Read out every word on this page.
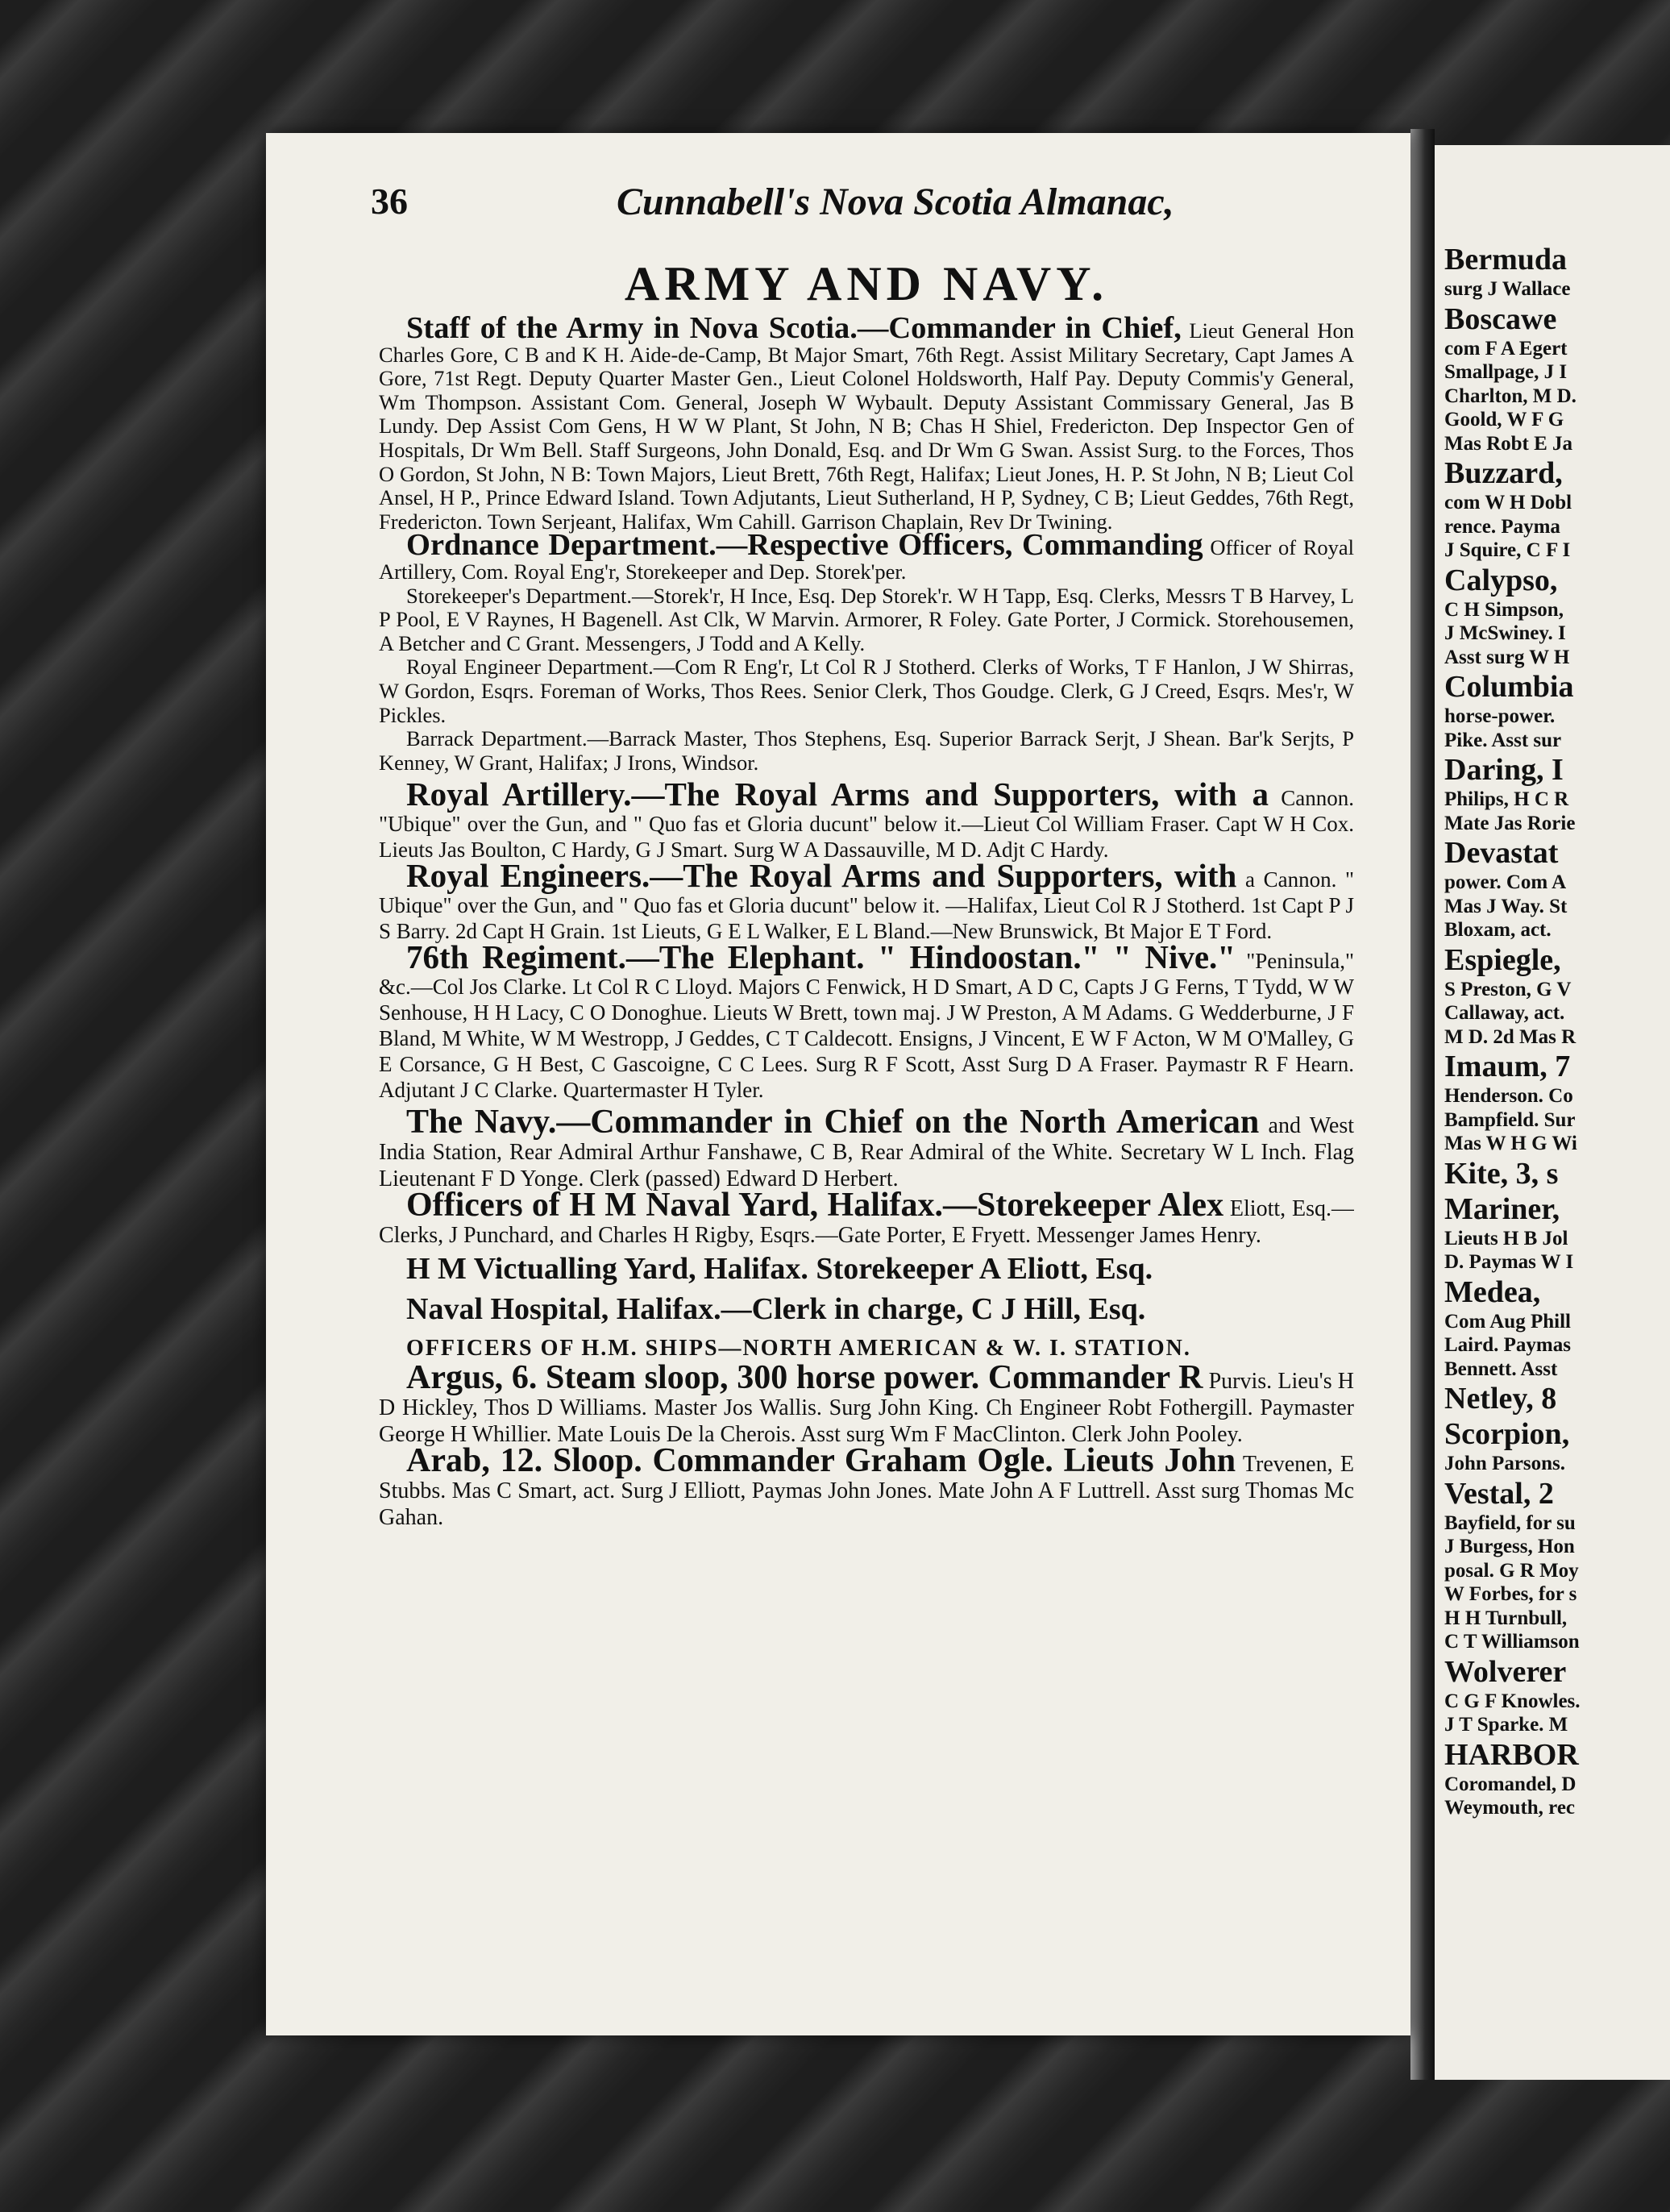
36	Cunnabell's Nova Scotia Almanac,
ARMY AND NAVY.

Staff of the Army in Nova Scotia.—Commander in Chief, Lieut General Hon Charles Gore, C B and K H. Aide-de-Camp, Bt Major Smart, 76th Regt. Assist Military Secretary, Capt James A Gore, 71st Regt. Deputy Quarter Master Gen., Lieut Colonel Holdsworth, Half Pay. Deputy Commis'y General, Wm Thompson. Assistant Com. General, Joseph W Wybault. Deputy Assistant Commissary General, Jas B Lundy. Dep Assist Com Gens, H W W Plant, St John, N B; Chas H Shiel, Fredericton. Dep Inspector Gen of Hospitals, Dr Wm Bell. Staff Surgeons, John Donald, Esq. and Dr Wm G Swan. Assist Surg. to the Forces, Thos O Gordon, St John, N B: Town Majors, Lieut Brett, 76th Regt, Halifax; Lieut Jones, H. P. St John, N B; Lieut Col Ansel, H P., Prince Edward Island. Town Adjutants, Lieut Sutherland, H P, Sydney, C B; Lieut Geddes, 76th Regt, Fredericton. Town Serjeant, Halifax, Wm Cahill. Garrison Chaplain, Rev Dr Twining.

Ordnance Department.—Respective Officers, Commanding Officer of Royal Artillery, Com. Royal Eng'r, Storekeeper and Dep. Storek'per.

Storekeeper's Department.—Storek'r, H Ince, Esq. Dep Storek'r. W H Tapp, Esq. Clerks, Messrs T B Harvey, L P Pool, E V Raynes, H Bagenell. Ast Clk, W Marvin. Armorer, R Foley. Gate Porter, J Cormick. Storehousemen, A Betcher and C Grant. Messengers, J Todd and A Kelly.

Royal Engineer Department.—Com R Eng'r, Lt Col R J Stotherd. Clerks of Works, T F Hanlon, J W Shirras, W Gordon, Esqrs. Foreman of Works, Thos Rees. Senior Clerk, Thos Goudge. Clerk, G J Creed, Esqrs. Mes'r, W Pickles.

Barrack Department.—Barrack Master, Thos Stephens, Esq. Superior Barrack Serjt, J Shean. Bar'k Serjts, P Kenney, W Grant, Halifax; J Irons, Windsor.

Royal Artillery.—The Royal Arms and Supporters, with a Cannon. "Ubique" over the Gun, and " Quo fas et Gloria ducunt" below it.—Lieut Col William Fraser. Capt W H Cox. Lieuts Jas Boulton, C Hardy, G J Smart. Surg W A Dassauville, M D. Adjt C Hardy.

Royal Engineers.—The Royal Arms and Supporters, with a Cannon. " Ubique" over the Gun, and " Quo fas et Gloria ducunt" below it. —Halifax, Lieut Col R J Stotherd. 1st Capt P J S Barry. 2d Capt H Grain. 1st Lieuts, G E L Walker, E L Bland.—New Brunswick, Bt Major E T Ford.

76th Regiment.—The Elephant. " Hindoostan." " Nive." "Peninsula," &c.—Col Jos Clarke. Lt Col R C Lloyd. Majors C Fenwick, H D Smart, A D C, Capts J G Ferns, T Tydd, W W Senhouse, H H Lacy, C O Donoghue. Lieuts W Brett, town maj. J W Preston, A M Adams. G Wedderburne, J F Bland, M White, W M Westropp, J Geddes, C T Caldecott. Ensigns, J Vincent, E W F Acton, W M O'Malley, G E Corsance, G H Best, C Gascoigne, C C Lees. Surg R F Scott, Asst Surg D A Fraser. Paymastr R F Hearn. Adjutant J C Clarke. Quartermaster H Tyler.

The Navy.—Commander in Chief on the North American and West India Station, Rear Admiral Arthur Fanshawe, C B, Rear Admiral of the White. Secretary W L Inch. Flag Lieutenant F D Yonge. Clerk (passed) Edward D Herbert.

Officers of H M Naval Yard, Halifax.—Storekeeper Alex Eliott, Esq.—Clerks, J Punchard, and Charles H Rigby, Esqrs.—Gate Porter, E Fryett. Messenger James Henry.

H M Victualling Yard, Halifax. Storekeeper A Eliott, Esq.
Naval Hospital, Halifax.—Clerk in charge, C J Hill, Esq.
OFFICERS OF H.M. SHIPS—NORTH AMERICAN & W. I. STATION.

Argus, 6. Steam sloop, 300 horse power. Commander R Purvis. Lieu's H D Hickley, Thos D Williams. Master Jos Wallis. Surg John King. Ch Engineer Robt Fothergill. Paymaster George H Whillier. Mate Louis De la Cherois. Asst surg Wm F MacClinton. Clerk John Pooley.

Arab, 12. Sloop. Commander Graham Ogle. Lieuts John Trevenen, E Stubbs. Mas C Smart, act. Surg J Elliott, Paymas John Jones. Mate John A F Luttrell. Asst surg Thomas Mc Gahan.

Bermuda
surg J Wallace
Boscawe
com F A Egert
Smallpage, J I
Charlton, M D.
Goold, W F G
Mas Robt E Ja
Buzzard,
com W H Dobl
rence. Payma
J Squire, C F I
Calypso,
C H Simpson,
J McSwiney. I
Asst surg W H
Columbia
horse-power.
Pike. Asst sur
Daring, I
Philips, H C R
Mate Jas Rorie
Devastat
power. Com A
Mas J Way. St
Bloxam, act.
Espiegle,
S Preston, G V
Callaway, act.
M D. 2d Mas R
Imaum, 7
Henderson. Co
Bampfield. Sur
Mas W H G Wi
Kite, 3, s
Mariner,
Lieuts H B Jol
D. Paymas W I
Medea,
Com Aug Phill
Laird. Paymas
Bennett. Asst
Netley, 8
Scorpion,
John Parsons.
Vestal, 2
Bayfield, for su
J Burgess, Hon
posal. G R Moy
W Forbes, for s
H H Turnbull,
C T Williamson
Wolverer
C G F Knowles.
J T Sparke. M
HARBOR
Coromandel, D
Weymouth, rec
